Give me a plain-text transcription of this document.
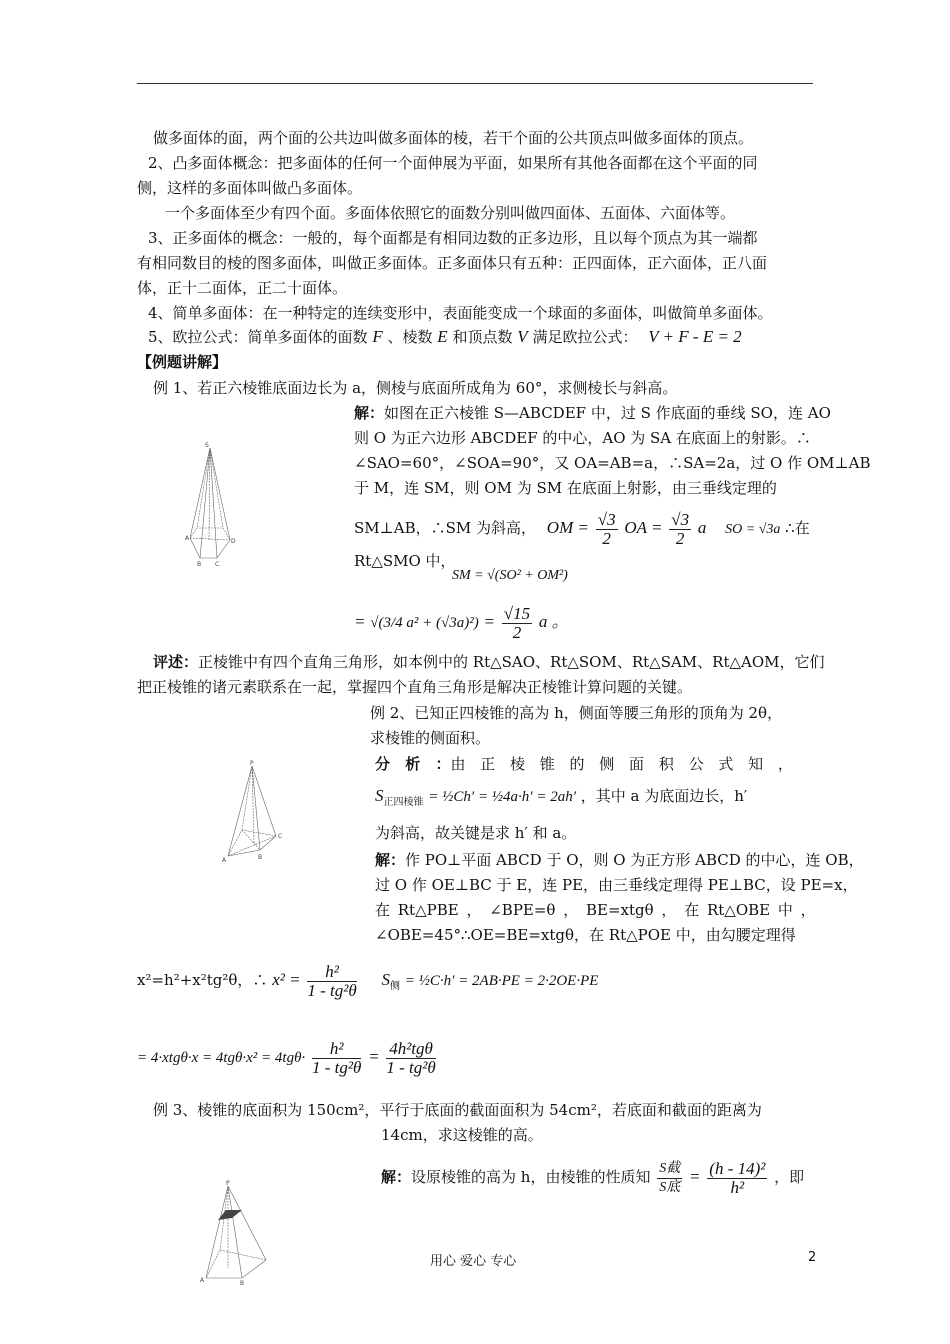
做多面体的面，两个面的公共边叫做多面体的棱，若干个面的公共顶点叫做多面体的顶点。
2、凸多面体概念：把多面体的任何一个面伸展为平面，如果所有其他各面都在这个平面的同
侧，这样的多面体叫做凸多面体。
一个多面体至少有四个面。多面体依照它的面数分别叫做四面体、五面体、六面体等。
3、正多面体的概念：一般的，每个面都是有相同边数的正多边形，且以每个顶点为其一端都
有相同数目的棱的图多面体，叫做正多面体。正多面体只有五种：正四面体，正六面体，正八面
体，正十二面体，正二十面体。
4、简单多面体：在一种特定的连续变形中，表面能变成一个球面的多面体，叫做简单多面体。
5、欧拉公式：简单多面体的面数 F 、棱数 E 和顶点数 V 满足欧拉公式： V + F - E = 2
【例题讲解】
例 1、若正六棱锥底面边长为 a，侧棱与底面所成角为 60°，求侧棱长与斜高。
S
A
B C
D
解：如图在正六棱锥 S—ABCDEF 中，过 S 作底面的垂线 SO，连 AO
则 O 为正六边形 ABCDEF 的中心，AO 为 SA 在底面上的射影。∴
∠SAO=60°，∠SOA=90°，又 OA=AB=a，∴SA=2a，过 O 作 OM⊥AB
于 M，连 SM，则 OM 为 SM 在底面上射影，由三垂线定理的
SM⊥AB，∴SM 为斜高， OM = $\frac{√3}{2}$ OA = $\frac{√3}{2}$ a SO = √3a ∴在
Rt△SMO 中，
SM = √(SO² + OM²)
= √(3/4 $a^2 + (√3a)^2) = \frac{√15}{2}$ a 。
评述：正棱锥中有四个直角三角形，如本例中的 Rt△SAO、Rt△SOM、Rt△SAM、Rt△AOM，它们
把正棱锥的诸元素联系在一起，掌握四个直角三角形是解决正棱锥计算问题的关键。
例 2、已知正四棱锥的高为 h，侧面等腰三角形的顶角为 2θ，
求棱锥的侧面积。
分 析 ：由 正 棱 锥 的 侧 面 积 公 式 知 ，
$S_{正四棱锥}$ = ½Ch′ = ½4a·h′ = 2ah′ ，其中 a 为底面边长，h′
为斜高，故关键是求 h′ 和 a。
P
A	B
C
解：作 PO⊥平面 ABCD 于 O，则 O 为正方形 ABCD 的中心，连 OB，
过 O 作 OE⊥BC 于 E，连 PE，由三垂线定理得 PE⊥BC，设 PE=x，
在 Rt△PBE ， ∠BPE=θ ， BE=xtgθ ， 在 Rt△OBE 中 ，
∠OBE=45°∴OE=BE=xtgθ，在 Rt△POE 中，由勾腰定理得
x²=h²+x²tg²θ，∴ $x^2 = \frac{\text{h²}}{\text{1 - tg²θ}} S_侧$ = ½C·h′ = 2AB·PE = 2·2OE·PE
= $4\cdot xtg\theta\cdot x = 4tg\theta\cdot x^2 = 4tg\theta\cdot \frac{\text{h²}}{\text{1 - tg²θ}} = \frac{\text{4h²tgθ}}{\text{1 - tg²θ}}$
例 3、棱锥的底面积为 150cm²，平行于底面的截面面积为 54cm²，若底面和截面的距离为
14cm，求这棱锥的高。
解：设原棱锥的高为 h，由棱锥的性质知 $\frac{\text{S截}}{\text{S底}} = \frac{\text{(h - 14)²}}{\text{h²}}$ ，即
P
A	B
用心 爱心 专心	2
